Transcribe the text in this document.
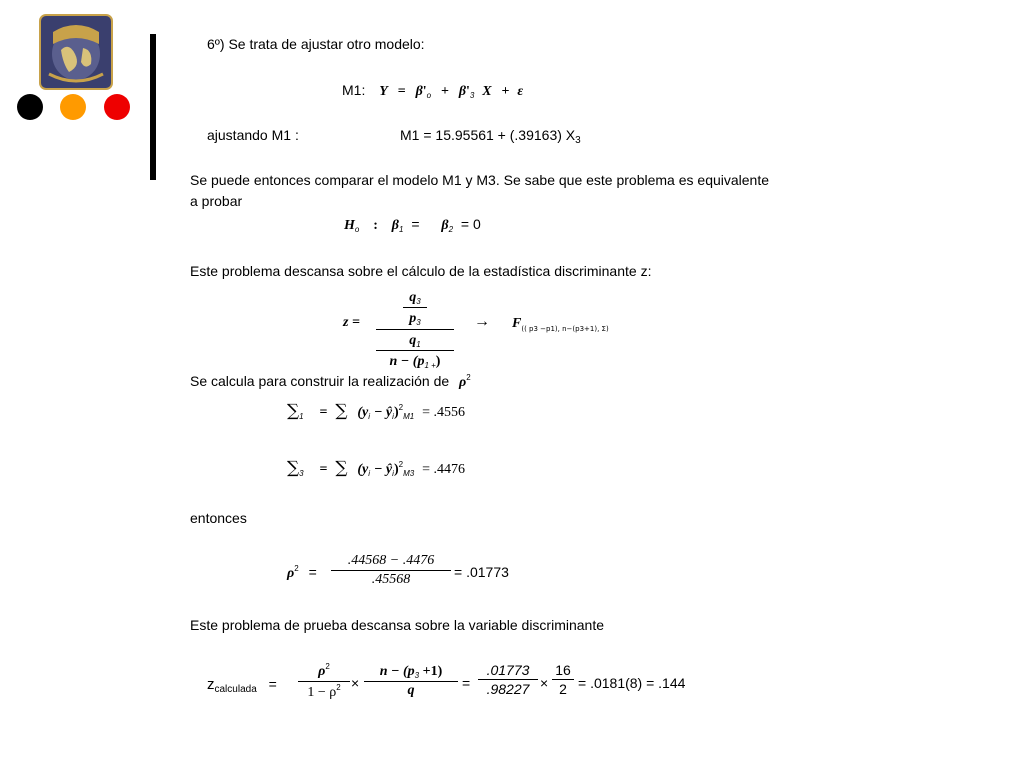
6º) Se trata de ajustar otro modelo:
M1: $Y = \beta'_o + \beta'_3$ X + ε
ajustando M1 :	M1 = 15.95561 + (.39163) $X_3$
Se puede entonces comparar el modelo M1 y M3. Se sabe que este problema es equivalente
a probar
$H_o$ : $\beta_1 = \beta_2 = 0$
Este problema descansa sobre el cálculo de la estadística discriminante z:
z =	$\frac{q_3}{p_3}$
$q_1$
$n - (p_{1 +})$
→ $F_{(( p3 -p1), n-(p3+1), \Sigma)}$
Se calcula para construir la realización de $\rho^2$
$\sum_1$ = ∑ ($y_i$ − $ŷ_i)^2_{M1} = .4556$
$\sum_3$ = ∑ ($y_i$ − $ŷ_i)^2_{M3} = .4476$
entonces
$\rho^2$ =
.44568 − .4476
.45568	= .01773
Este problema de prueba descansa sobre la variable discriminante
$z_{calculada}$ =
$\rho^2$
$1 - \rho^2$ ×
$n - (p_3 +1)$
q	=
.01773
.98227 ×
16
2 = .0181(8) = .144
